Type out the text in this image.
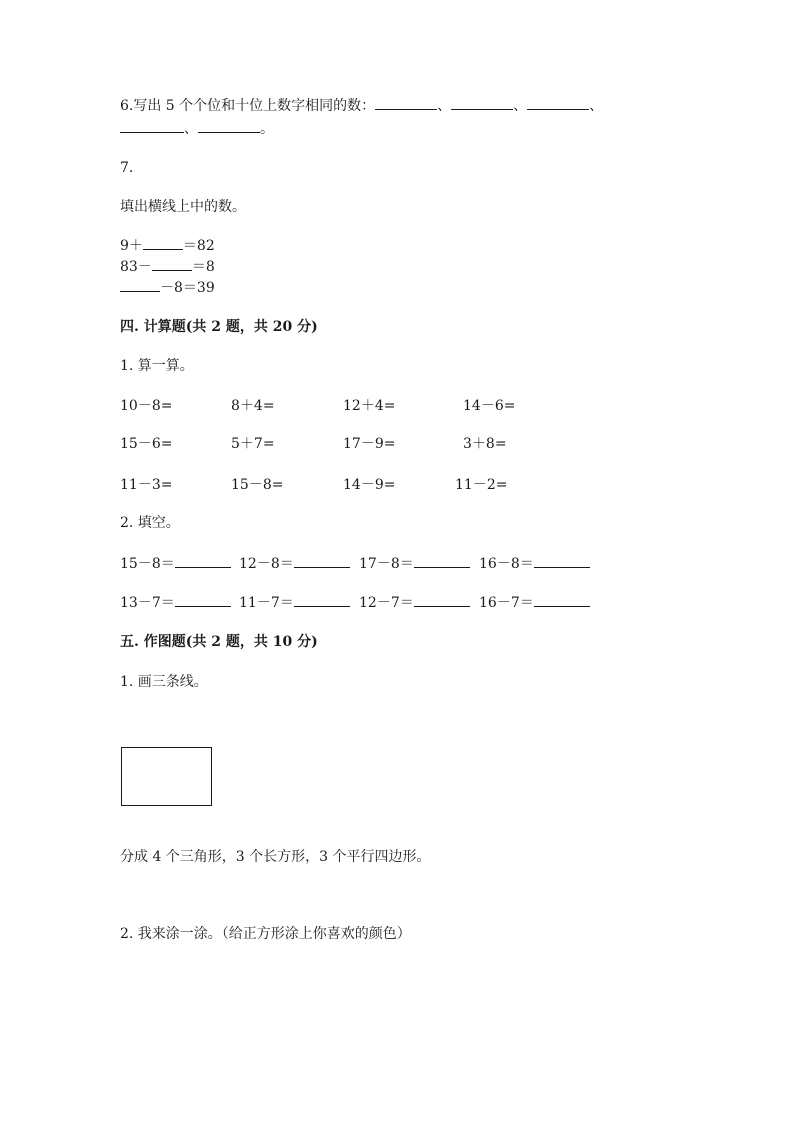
6.写出 5 个个位和十位上数字相同的数：	、	、	、
、	。
7.
填出横线上中的数。
9＋	＝82
83－	＝8
－8＝39
四. 计算题(共 2 题，共 20 分)
1. 算一算。
10－8=	8＋4=	12＋4=	14－6=
15－6=	5＋7=	17－9=	3＋8=
11－3=	15－8=	14－9=	11－2=
2. 填空。
15－8＝	12－8＝	17－8＝	16－8＝
13－7＝	11－7＝	12－7＝	16－7＝
五. 作图题(共 2 题，共 10 分)
1. 画三条线。
分成 4 个三角形，3 个长方形，3 个平行四边形。
2. 我来涂一涂。（给正方形涂上你喜欢的颜色）
